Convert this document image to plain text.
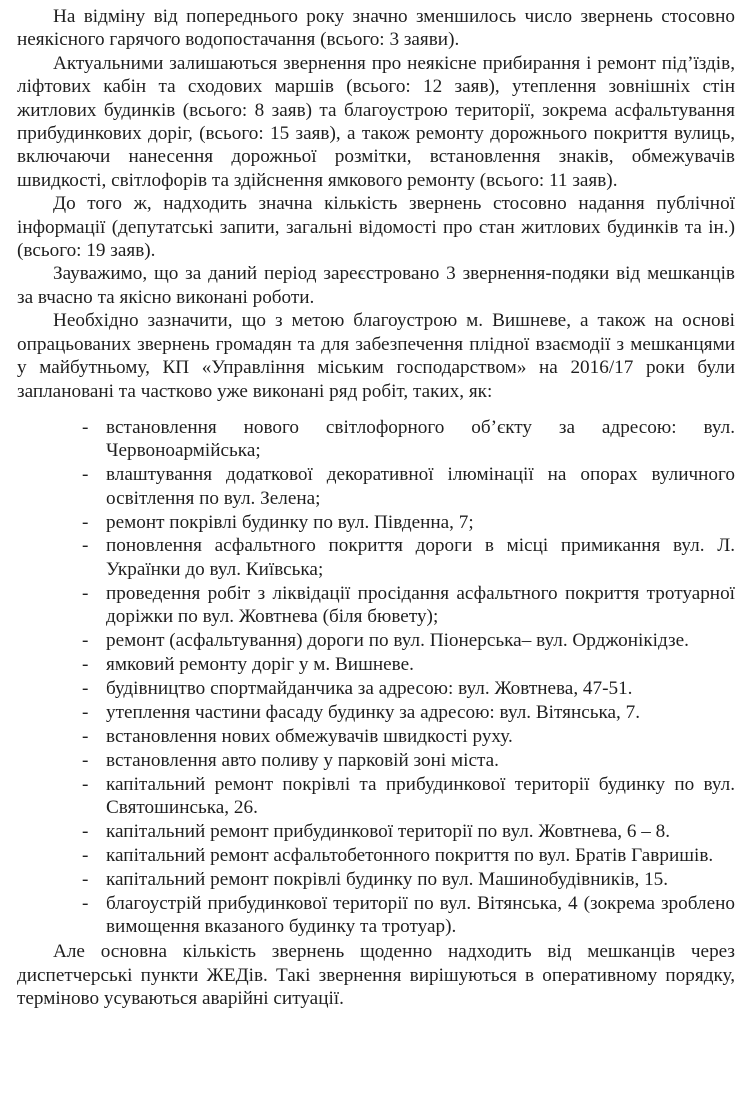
На відміну від попереднього року значно зменшилось число звернень стосовно неякісного гарячого водопостачання (всього: 3 заяви).

Актуальними залишаються звернення про неякісне прибирання і ремонт під’їздів, ліфтових кабін та сходових маршів (всього: 12 заяв), утеплення зовнішніх стін житлових будинків (всього: 8 заяв) та благоустрою території, зокрема асфальтування прибудинкових доріг, (всього: 15 заяв), а також ремонту дорожнього покриття вулиць, включаючи нанесення дорожньої розмітки, встановлення знаків, обмежувачів швидкості, світлофорів та здійснення ямкового ремонту (всього: 11 заяв).

До того ж, надходить значна кількість звернень стосовно надання публічної інформації (депутатські запити, загальні відомості про стан житлових будинків та ін.) (всього: 19 заяв).

Зауважимо, що за даний період зареєстровано 3 звернення-подяки від мешканців за вчасно та якісно виконані роботи.

Необхідно зазначити, що з метою благоустрою м. Вишневе, а також на основі опрацьованих звернень громадян та для забезпечення плідної взаємодії з мешканцями у майбутньому, КП «Управління міським господарством» на 2016/17 роки були заплановані та частково уже виконані ряд робіт, таких, як:

- встановлення нового світлофорного об’єкту за адресою: вул. Червоноармійська;
- влаштування додаткової декоративної ілюмінації на опорах вуличного освітлення по вул. Зелена;
- ремонт покрівлі будинку по вул. Південна, 7;
- поновлення асфальтного покриття дороги в місці примикання вул. Л. Українки до вул. Київська;
- проведення робіт з ліквідації просідання асфальтного покриття тротуарної доріжки по вул. Жовтнева (біля бювету);
- ремонт (асфальтування) дороги по вул. Піонерська– вул. Орджонікідзе.
- ямковий ремонту доріг у м. Вишневе.
- будівництво спортмайданчика за адресою: вул. Жовтнева, 47-51.
- утеплення частини фасаду будинку за адресою: вул. Вітянська, 7.
- встановлення нових обмежувачів швидкості руху.
- встановлення авто поливу у парковій зоні міста.
- капітальний ремонт покрівлі та прибудинкової території будинку по вул. Святошинська, 26.
- капітальний ремонт прибудинкової території по вул. Жовтнева, 6 – 8.
- капітальний ремонт асфальтобетонного покриття по вул. Братів Гавришів.
- капітальний ремонт покрівлі будинку по вул. Машинобудівників, 15.
- благоустрій прибудинкової території по вул. Вітянська, 4 (зокрема зроблено вимощення вказаного будинку та тротуар).

Але основна кількість звернень щоденно надходить від мешканців через диспетчерські пункти ЖЕДів. Такі звернення вирішуються в оперативному порядку, терміново усуваються аварійні ситуації.
